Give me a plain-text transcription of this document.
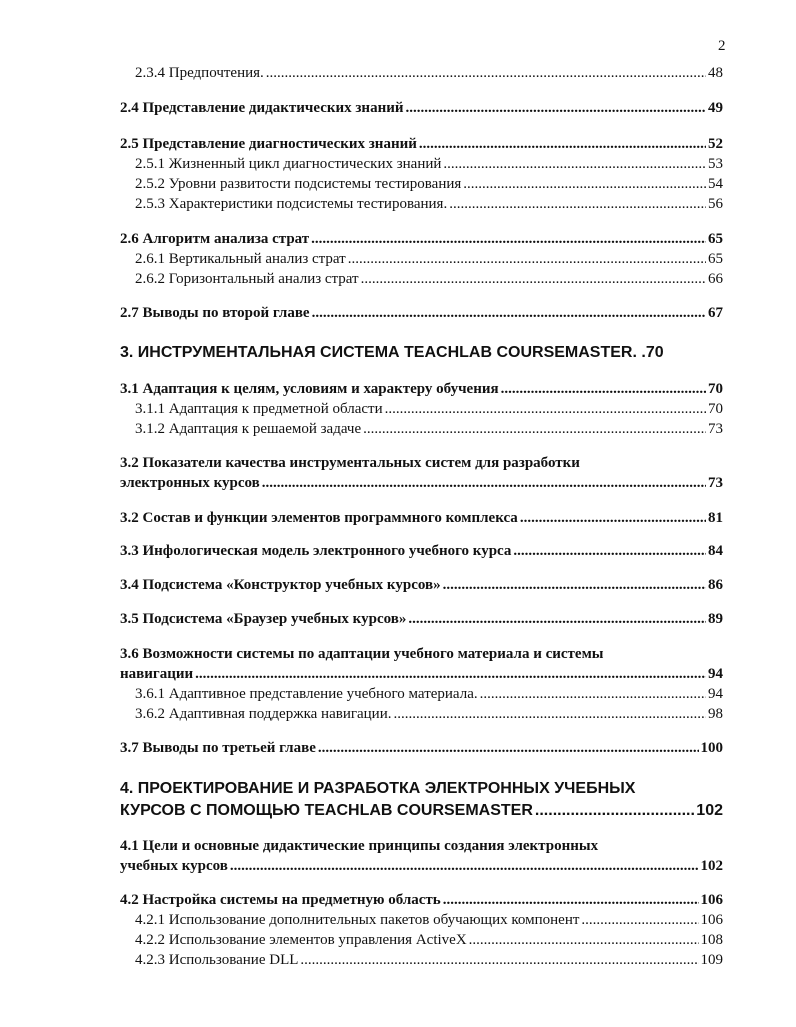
2
2.3.4 Предпочтения. .....	48
2.4 Представление дидактических знаний .....	49
2.5 Представление диагностических знаний .....	52
2.5.1 Жизненный цикл диагностических знаний .....	53
2.5.2 Уровни развитости подсистемы тестирования .....	54
2.5.3 Характеристики подсистемы тестирования. .....	56
2.6 Алгоритм анализа страт .....	65
2.6.1 Вертикальный анализ страт .....	65
2.6.2 Горизонтальный анализ страт .....	66
2.7 Выводы по второй главе .....	67
3. ИНСТРУМЕНТАЛЬНАЯ СИСТЕМА TEACHLAB COURSEMASTER. . 70
3.1 Адаптация к целям, условиям и характеру обучения .....	70
3.1.1 Адаптация к предметной области .....	70
3.1.2 Адаптация к решаемой задаче .....	73
3.2 Показатели качества инструментальных систем для разработки
электронных курсов .....	73
3.2 Состав и функции элементов программного комплекса .....	81
3.3 Инфологическая модель электронного учебного курса .....	84
3.4 Подсистема «Конструктор учебных курсов» .....	86
3.5 Подсистема «Браузер учебных курсов» .....	89
3.6 Возможности системы по адаптации учебного материала и системы
навигации .....	94
3.6.1 Адаптивное представление учебного материала. .....	94
3.6.2 Адаптивная поддержка навигации. .....	98
3.7 Выводы по третьей главе .....	100
4. ПРОЕКТИРОВАНИЕ И РАЗРАБОТКА ЭЛЕКТРОННЫХ УЧЕБНЫХ
КУРСОВ С ПОМОЩЬЮ TEACHLAB COURSEMASTER .....	102
4.1 Цели и основные дидактические принципы создания электронных
учебных курсов .....	102
4.2 Настройка системы на предметную область .....	106
4.2.1 Использование дополнительных пакетов обучающих компонент .....	106
4.2.2 Использование элементов управления ActiveX .....	108
4.2.3 Использование DLL .....	109
